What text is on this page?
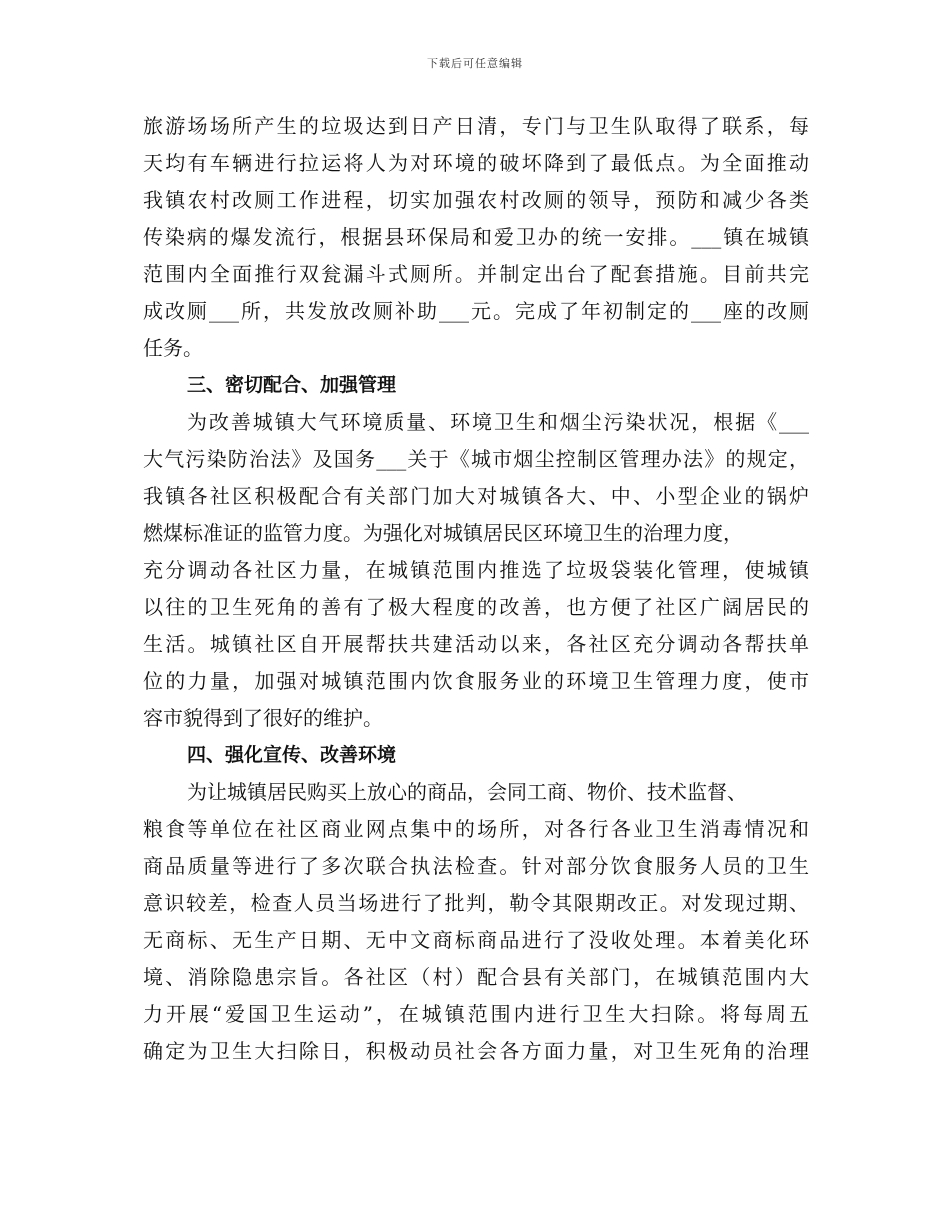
下载后可任意编辑
旅游场场所产生的垃圾达到日产日清，专门与卫生队取得了联系，每
天均有车辆进行拉运将人为对环境的破坏降到了最低点。为全面推动
我镇农村改厕工作进程，切实加强农村改厕的领导，预防和减少各类
传染病的爆发流行，根据县环保局和爱卫办的统一安排。___镇在城镇
范围内全面推行双瓮漏斗式厕所。并制定出台了配套措施。目前共完
成改厕___所，共发放改厕补助___元。完成了年初制定的___座的改厕
任务。
三、密切配合、加强管理
为改善城镇大气环境质量、环境卫生和烟尘污染状况，根据《___
大气污染防治法》及国务___关于《城市烟尘控制区管理办法》的规定，
我镇各社区积极配合有关部门加大对城镇各大、中、小型企业的锅炉
燃煤标准证的监管力度。为强化对城镇居民区环境卫生的治理力度，
充分调动各社区力量，在城镇范围内推选了垃圾袋装化管理，使城镇
以往的卫生死角的善有了极大程度的改善，也方便了社区广阔居民的
生活。城镇社区自开展帮扶共建活动以来，各社区充分调动各帮扶单
位的力量，加强对城镇范围内饮食服务业的环境卫生管理力度，使市
容市貌得到了很好的维护。
四、强化宣传、改善环境
为让城镇居民购买上放心的商品，会同工商、物价、技术监督、
粮食等单位在社区商业网点集中的场所，对各行各业卫生消毒情况和
商品质量等进行了多次联合执法检查。针对部分饮食服务人员的卫生
意识较差，检查人员当场进行了批判，勒令其限期改正。对发现过期、
无商标、无生产日期、无中文商标商品进行了没收处理。本着美化环
境、消除隐患宗旨。各社区（村）配合县有关部门，在城镇范围内大
力开展“爱国卫生运动”，在城镇范围内进行卫生大扫除。将每周五
确定为卫生大扫除日，积极动员社会各方面力量，对卫生死角的治理
